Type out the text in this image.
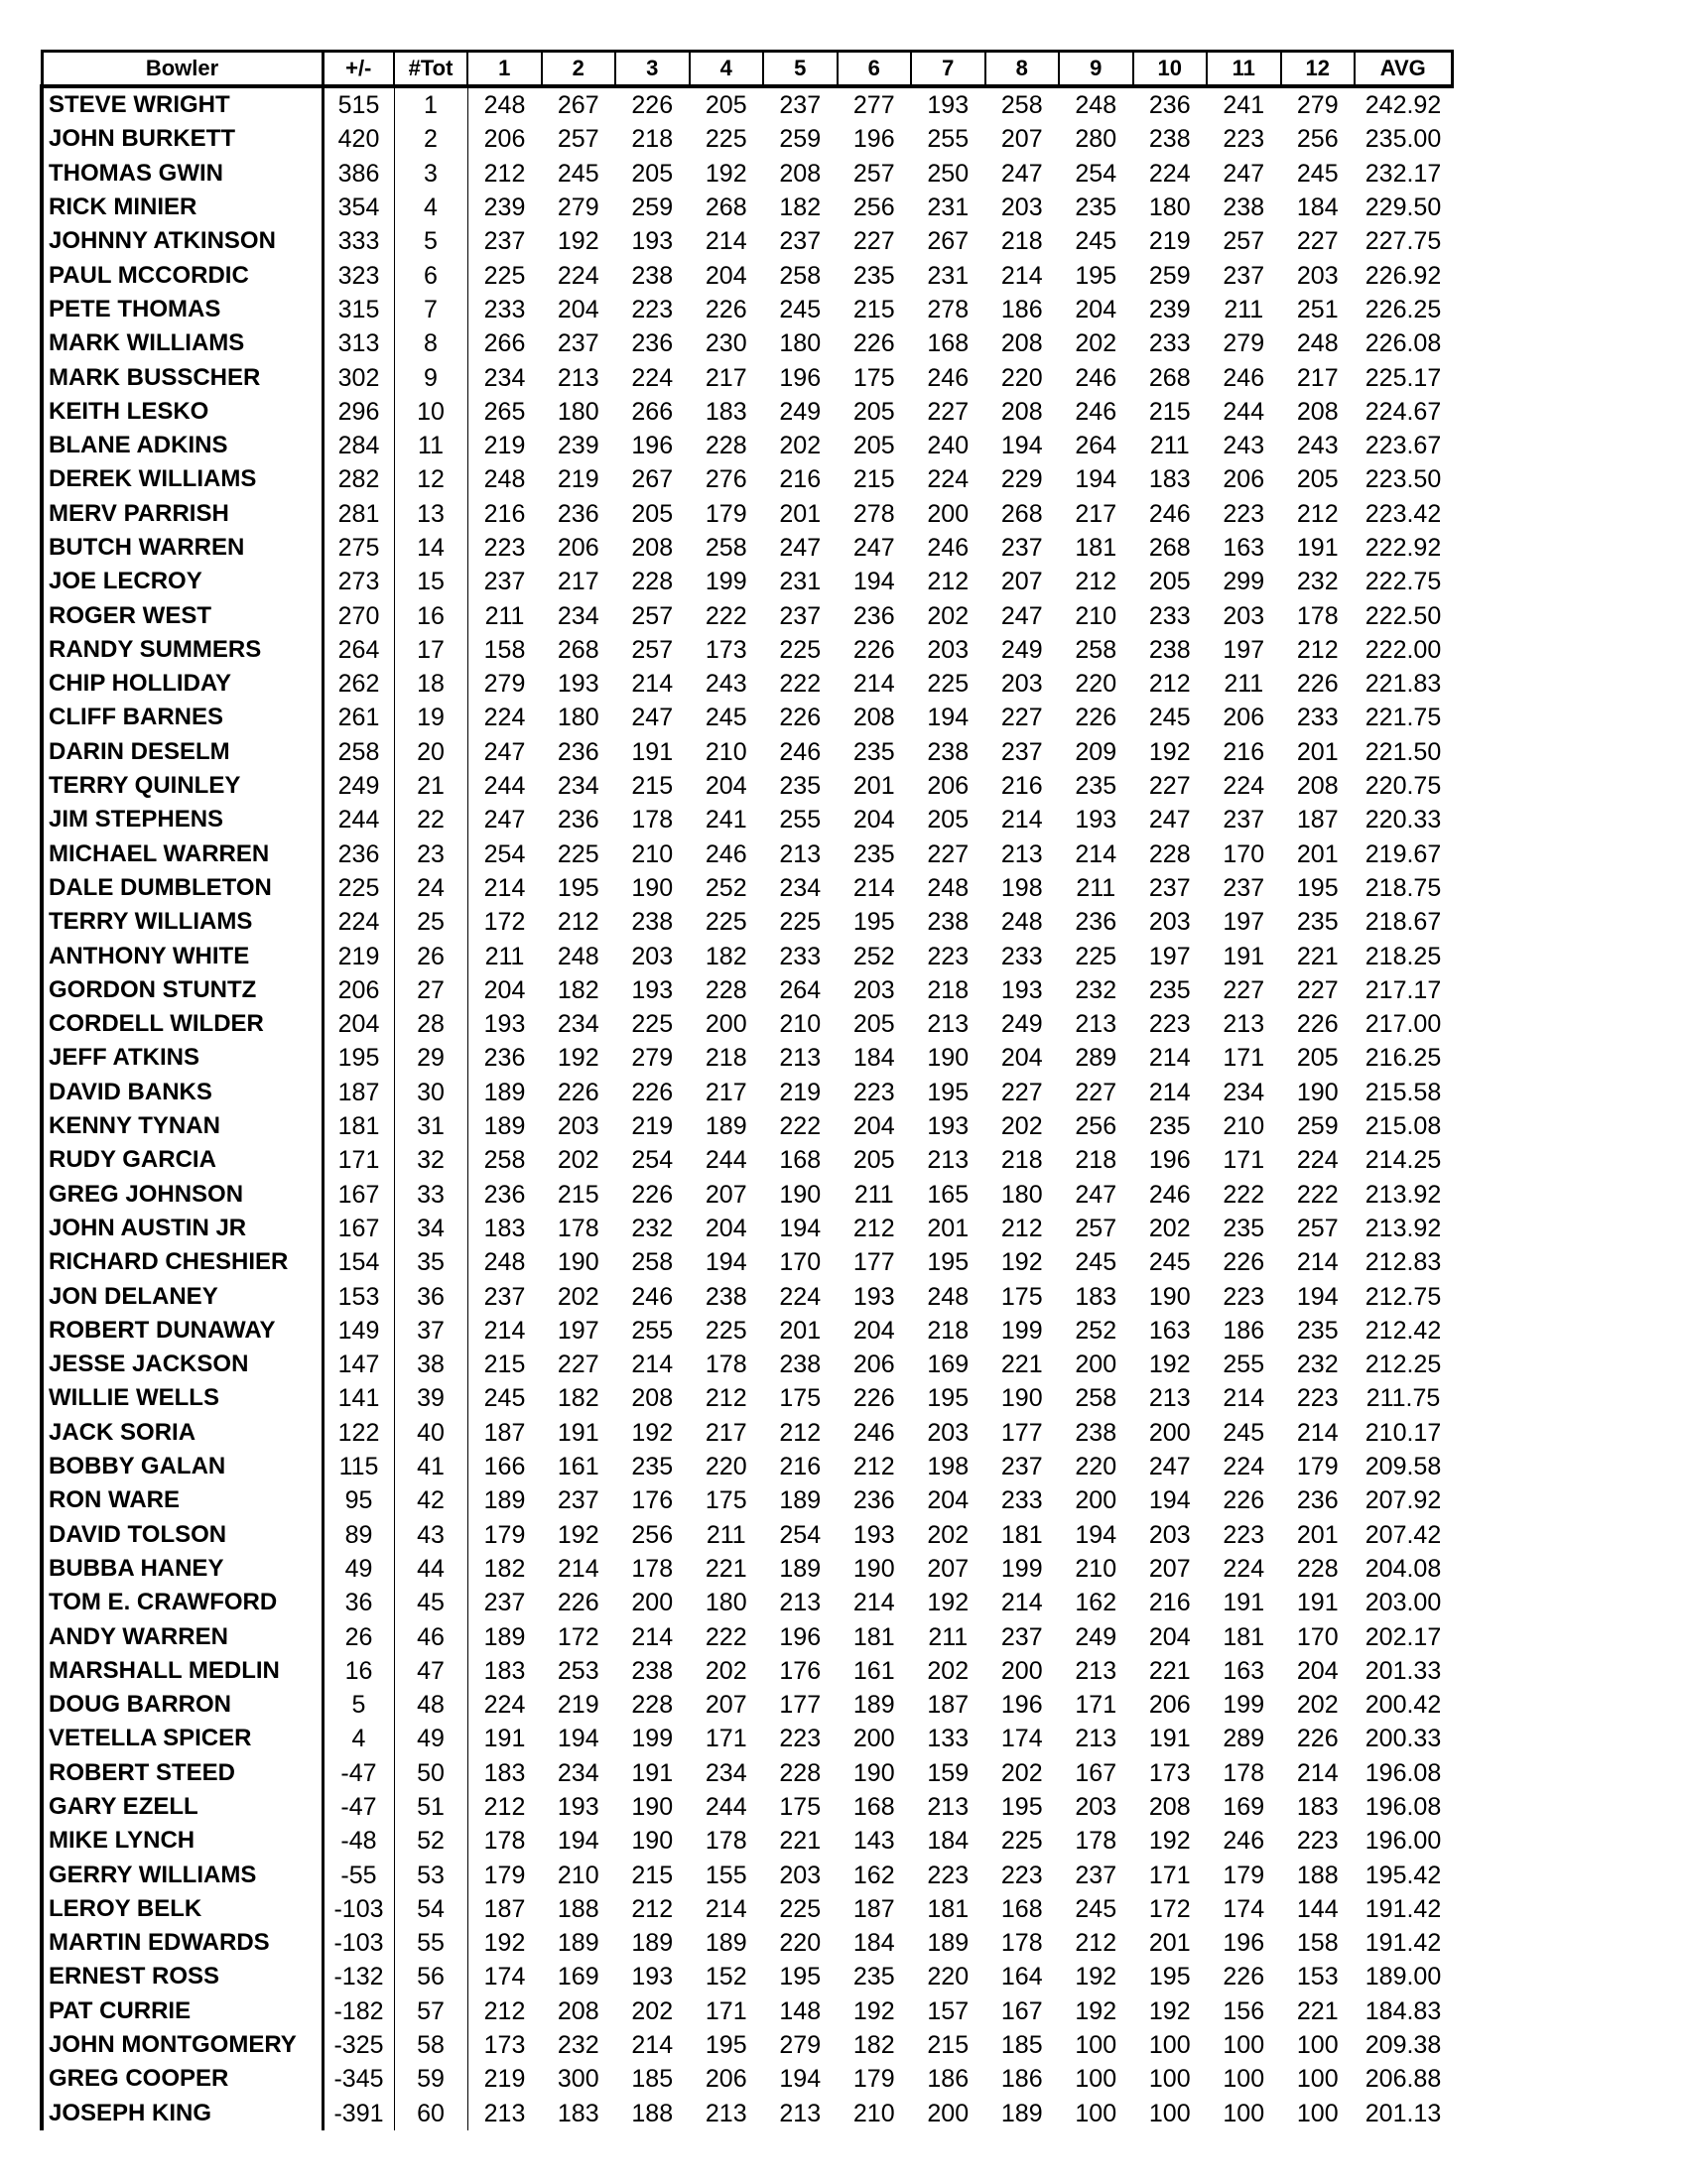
Bowler	+/-	#Tot	1	2	3	4	5	6	7	8	9	10	11	12	AVG
STEVE WRIGHT	515	1	248	267	226	205	237	277	193	258	248	236	241	279	242.92
JOHN BURKETT	420	2	206	257	218	225	259	196	255	207	280	238	223	256	235.00
THOMAS GWIN	386	3	212	245	205	192	208	257	250	247	254	224	247	245	232.17
RICK MINIER	354	4	239	279	259	268	182	256	231	203	235	180	238	184	229.50
JOHNNY ATKINSON	333	5	237	192	193	214	237	227	267	218	245	219	257	227	227.75
PAUL MCCORDIC	323	6	225	224	238	204	258	235	231	214	195	259	237	203	226.92
PETE THOMAS	315	7	233	204	223	226	245	215	278	186	204	239	211	251	226.25
MARK WILLIAMS	313	8	266	237	236	230	180	226	168	208	202	233	279	248	226.08
MARK BUSSCHER	302	9	234	213	224	217	196	175	246	220	246	268	246	217	225.17
KEITH LESKO	296	10	265	180	266	183	249	205	227	208	246	215	244	208	224.67
BLANE ADKINS	284	11	219	239	196	228	202	205	240	194	264	211	243	243	223.67
DEREK WILLIAMS	282	12	248	219	267	276	216	215	224	229	194	183	206	205	223.50
MERV PARRISH	281	13	216	236	205	179	201	278	200	268	217	246	223	212	223.42
BUTCH WARREN	275	14	223	206	208	258	247	247	246	237	181	268	163	191	222.92
JOE LECROY	273	15	237	217	228	199	231	194	212	207	212	205	299	232	222.75
ROGER WEST	270	16	211	234	257	222	237	236	202	247	210	233	203	178	222.50
RANDY SUMMERS	264	17	158	268	257	173	225	226	203	249	258	238	197	212	222.00
CHIP HOLLIDAY	262	18	279	193	214	243	222	214	225	203	220	212	211	226	221.83
CLIFF BARNES	261	19	224	180	247	245	226	208	194	227	226	245	206	233	221.75
DARIN DESELM	258	20	247	236	191	210	246	235	238	237	209	192	216	201	221.50
TERRY QUINLEY	249	21	244	234	215	204	235	201	206	216	235	227	224	208	220.75
JIM STEPHENS	244	22	247	236	178	241	255	204	205	214	193	247	237	187	220.33
MICHAEL WARREN	236	23	254	225	210	246	213	235	227	213	214	228	170	201	219.67
DALE DUMBLETON	225	24	214	195	190	252	234	214	248	198	211	237	237	195	218.75
TERRY WILLIAMS	224	25	172	212	238	225	225	195	238	248	236	203	197	235	218.67
ANTHONY WHITE	219	26	211	248	203	182	233	252	223	233	225	197	191	221	218.25
GORDON STUNTZ	206	27	204	182	193	228	264	203	218	193	232	235	227	227	217.17
CORDELL WILDER	204	28	193	234	225	200	210	205	213	249	213	223	213	226	217.00
JEFF ATKINS	195	29	236	192	279	218	213	184	190	204	289	214	171	205	216.25
DAVID BANKS	187	30	189	226	226	217	219	223	195	227	227	214	234	190	215.58
KENNY TYNAN	181	31	189	203	219	189	222	204	193	202	256	235	210	259	215.08
RUDY GARCIA	171	32	258	202	254	244	168	205	213	218	218	196	171	224	214.25
GREG JOHNSON	167	33	236	215	226	207	190	211	165	180	247	246	222	222	213.92
JOHN AUSTIN JR	167	34	183	178	232	204	194	212	201	212	257	202	235	257	213.92
RICHARD CHESHIER	154	35	248	190	258	194	170	177	195	192	245	245	226	214	212.83
JON DELANEY	153	36	237	202	246	238	224	193	248	175	183	190	223	194	212.75
ROBERT DUNAWAY	149	37	214	197	255	225	201	204	218	199	252	163	186	235	212.42
JESSE JACKSON	147	38	215	227	214	178	238	206	169	221	200	192	255	232	212.25
WILLIE WELLS	141	39	245	182	208	212	175	226	195	190	258	213	214	223	211.75
JACK SORIA	122	40	187	191	192	217	212	246	203	177	238	200	245	214	210.17
BOBBY GALAN	115	41	166	161	235	220	216	212	198	237	220	247	224	179	209.58
RON WARE	95	42	189	237	176	175	189	236	204	233	200	194	226	236	207.92
DAVID TOLSON	89	43	179	192	256	211	254	193	202	181	194	203	223	201	207.42
BUBBA HANEY	49	44	182	214	178	221	189	190	207	199	210	207	224	228	204.08
TOM E. CRAWFORD	36	45	237	226	200	180	213	214	192	214	162	216	191	191	203.00
ANDY WARREN	26	46	189	172	214	222	196	181	211	237	249	204	181	170	202.17
MARSHALL MEDLIN	16	47	183	253	238	202	176	161	202	200	213	221	163	204	201.33
DOUG BARRON	5	48	224	219	228	207	177	189	187	196	171	206	199	202	200.42
VETELLA SPICER	4	49	191	194	199	171	223	200	133	174	213	191	289	226	200.33
ROBERT STEED	-47	50	183	234	191	234	228	190	159	202	167	173	178	214	196.08
GARY EZELL	-47	51	212	193	190	244	175	168	213	195	203	208	169	183	196.08
MIKE LYNCH	-48	52	178	194	190	178	221	143	184	225	178	192	246	223	196.00
GERRY WILLIAMS	-55	53	179	210	215	155	203	162	223	223	237	171	179	188	195.42
LEROY BELK	-103	54	187	188	212	214	225	187	181	168	245	172	174	144	191.42
MARTIN EDWARDS	-103	55	192	189	189	189	220	184	189	178	212	201	196	158	191.42
ERNEST ROSS	-132	56	174	169	193	152	195	235	220	164	192	195	226	153	189.00
PAT CURRIE	-182	57	212	208	202	171	148	192	157	167	192	192	156	221	184.83
JOHN MONTGOMERY	-325	58	173	232	214	195	279	182	215	185	100	100	100	100	209.38
GREG COOPER	-345	59	219	300	185	206	194	179	186	186	100	100	100	100	206.88
JOSEPH KING	-391	60	213	183	188	213	213	210	200	189	100	100	100	100	201.13
